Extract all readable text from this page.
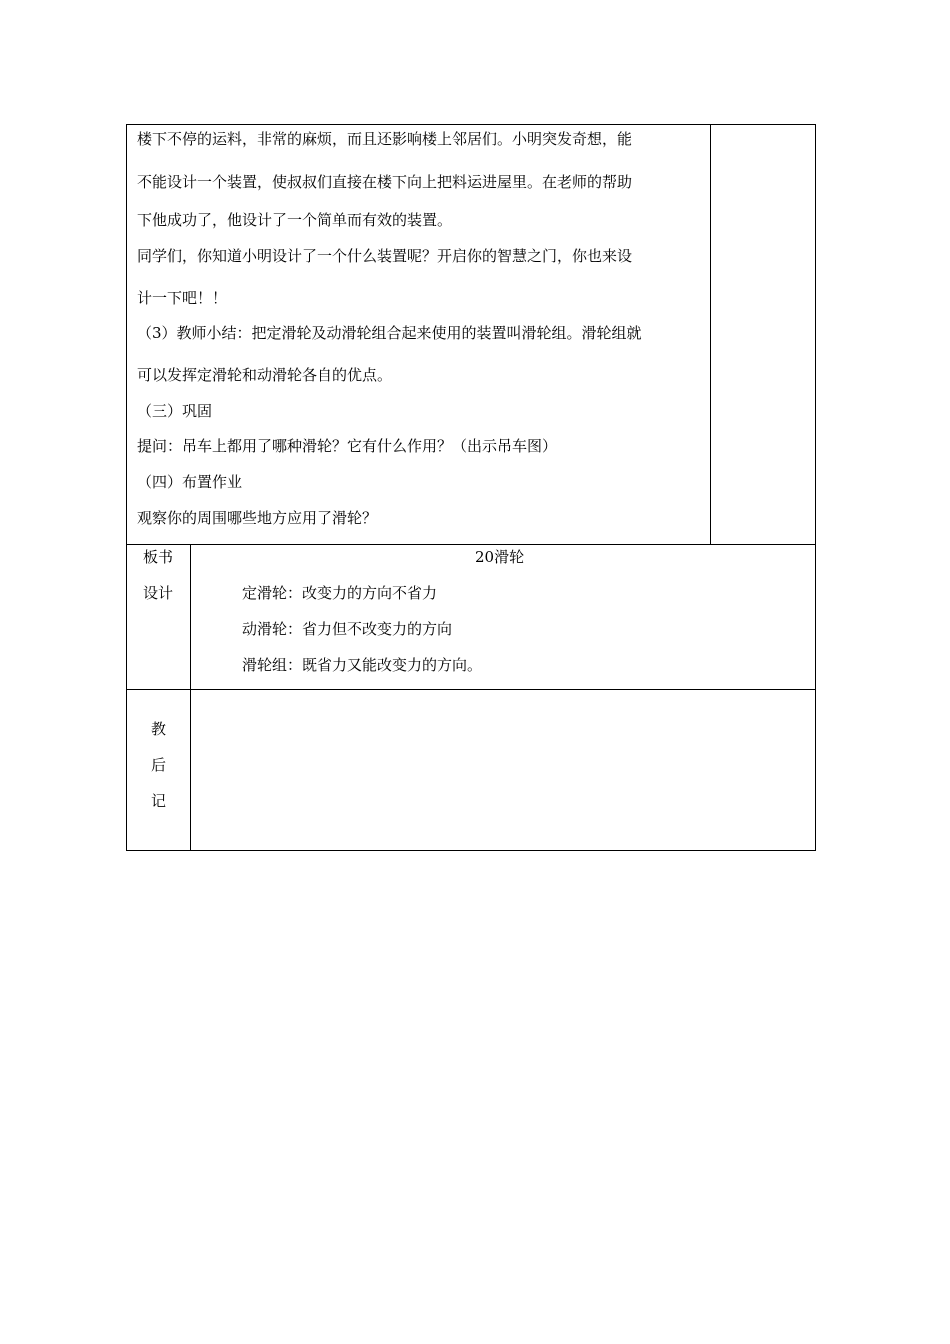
楼下不停的运料，非常的麻烦，而且还影响楼上邻居们。小明突发奇想，能
不能设计一个装置，使叔叔们直接在楼下向上把料运进屋里。在老师的帮助
下他成功了，他设计了一个简单而有效的装置。
同学们，你知道小明设计了一个什么装置呢？开启你的智慧之门，你也来设
计一下吧！！
（3）教师小结：把定滑轮及动滑轮组合起来使用的装置叫滑轮组。滑轮组就
可以发挥定滑轮和动滑轮各自的优点。
（三）巩固
提问：吊车上都用了哪种滑轮？它有什么作用？（出示吊车图）
（四）布置作业
观察你的周围哪些地方应用了滑轮？
板书
设计
20滑轮
定滑轮：改变力的方向不省力
动滑轮：省力但不改变力的方向
滑轮组：既省力又能改变力的方向。
教
后
记
